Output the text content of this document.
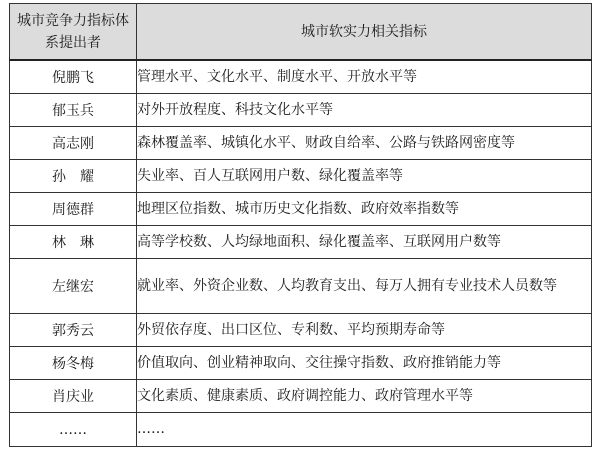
城市竞争力指标体系提出者	城市软实力相关指标
倪鹏飞	管理水平、文化水平、制度水平、开放水平等
郁玉兵	对外开放程度、科技文化水平等
高志刚	森林覆盖率、城镇化水平、财政自给率、公路与铁路网密度等
孙　耀	失业率、百人互联网用户数、绿化覆盖率等
周德群	地理区位指数、城市历史文化指数、政府效率指数等
林　琳	高等学校数、人均绿地面积、绿化覆盖率、互联网用户数等
左继宏	就业率、外资企业数、人均教育支出、每万人拥有专业技术人员数等
郭秀云	外贸依存度、出口区位、专利数、平均预期寿命等
杨冬梅	价值取向、创业精神取向、交往操守指数、政府推销能力等
肖庆业	文化素质、健康素质、政府调控能力、政府管理水平等
……	……
